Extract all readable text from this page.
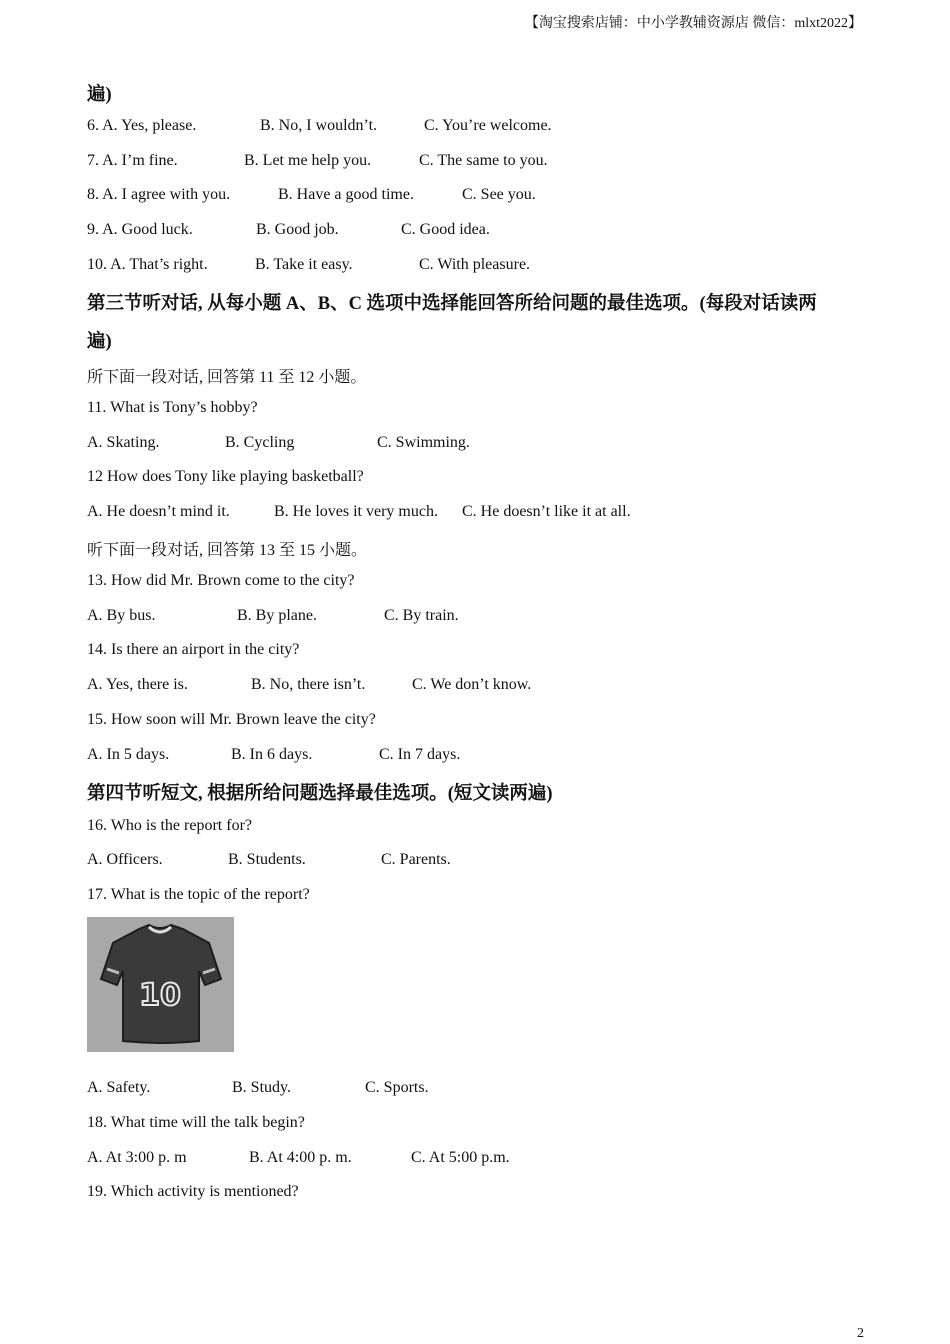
【淘宝搜索店铺：中小学教辅资源店 微信：mlxt2022】
遍)
6. A. Yes, please.	B. No, I wouldn’t.	C. You’re welcome.
7. A. I’m fine.	B. Let me help you.	C. The same to you.
8. A. I agree with you.	B. Have a good time.	C. See you.
9. A. Good luck.	B. Good job.	C. Good idea.
10. A. That’s right.	B. Take it easy.	C. With pleasure.
第三节听对话, 从每小题 A、B、C 选项中选择能回答所给问题的最佳选项。(每段对话读两
遍)
所下面一段对话, 回答第 11 至 12 小题。
11. What is Tony’s hobby?
A. Skating.	B. Cycling	C. Swimming.
12 How does Tony like playing basketball?
A. He doesn’t mind it.	B. He loves it very much. C. He doesn’t like it at all.
听下面一段对话, 回答第 13 至 15 小题。
13. How did Mr. Brown come to the city?
A. By bus.	B. By plane.	C. By train.
14. Is there an airport in the city?
A. Yes, there is.	B. No, there isn’t.	C. We don’t know.
15. How soon will Mr. Brown leave the city?
A. In 5 days.	B. In 6 days.	C. In 7 days.
第四节听短文, 根据所给问题选择最佳选项。(短文读两遍)
16. Who is the report for?
A. Officers.	B. Students.	C. Parents.
17. What is the topic of the report?
10
A. Safety.	B. Study.	C. Sports.
18. What time will the talk begin?
A. At 3:00 p. m	B. At 4:00 p. m.	C. At 5:00 p.m.
19. Which activity is mentioned?
2
